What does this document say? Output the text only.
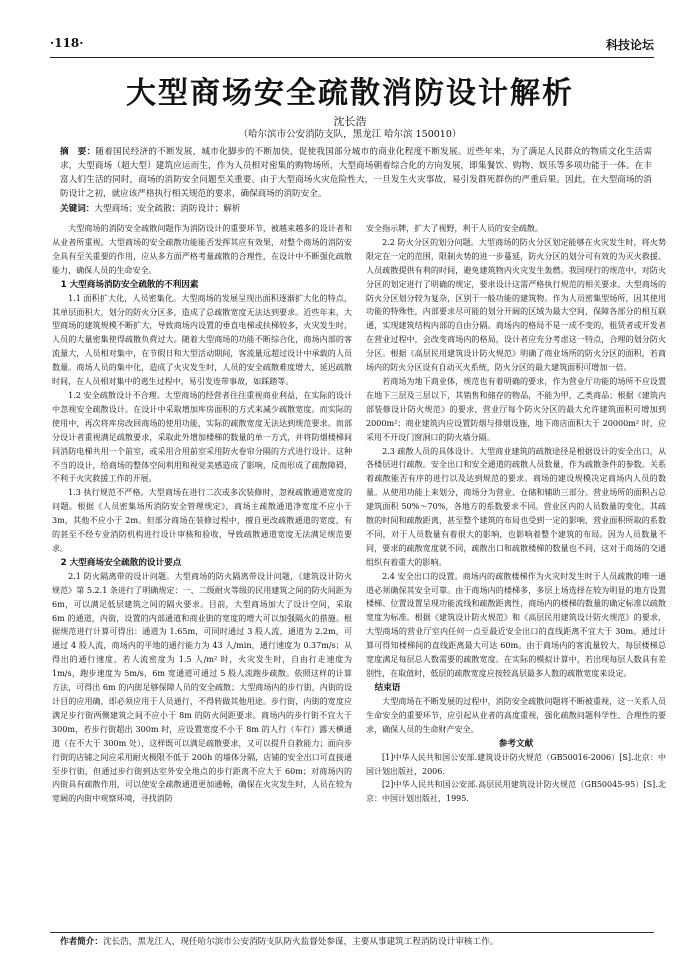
·118·	科技论坛
大型商场安全疏散消防设计解析
沈长浩
（哈尔滨市公安消防支队，黑龙江 哈尔滨 150010）
摘　要：随着国民经济的不断发展，城市化脚步的不断加快，促使我国部分城市的商业化程度不断发展。近些年来，为了满足人民群众的物质文化生活需求，大型商场（超大型）建筑应运而生，作为人员相对密集的购物场所，大型商场朝着综合化的方向发展，即集餐饮、购物、娱乐等多项功能于一体。在丰富人们生活的同时，商场的消防安全问题至关重要。由于大型商场火灾危险性大，一旦发生火灾事故，易引发群死群伤的严重后果。因此，在大型商场的消防设计之初，就应该严格执行相关规范的要求，确保商场的消防安全。
关键词：大型商场；安全疏散；消防设计；解析

大型商场的消防安全疏散问题作为消防设计的重要环节，被越来越多的设计者和从业者所重视。大型商场的安全疏散功能能否发挥其应有效果，对整个商场的消防安全具有至关重要的作用，应从多方面严格考量疏散的合理性，在设计中不断强化疏散能力，确保人员的生命安全。

1 大型商场消防安全疏散的不利因素

1.1 面积扩大化，人员密集化。大型商场的发展呈现出面积逐渐扩大化的特点，其单层面积大，划分的防火分区多，造成了总疏散宽度无法达到要求。近些年来，大型商场的建筑规模不断扩大，导致商场内设置的垂直电梯或扶梯较多，火灾发生时，人员的大量密集使得疏散负荷过大。随着大型商场的功能不断综合化，商场内部的客流量大，人员相对集中，在节假日和大型活动期间，客流量远超过设计中承载的人员数量。商场人员的集中化，造成了火灾发生时，人员的安全疏散难度增大，延迟疏散时间，在人员相对集中的逃生过程中，易引发连带事故，如踩踏等。

1.2 安全疏散设计不合理。大型商场的经营者往往重视商业利益，在实际的设计中忽视安全疏散设计。在设计中采取增加库房面积的方式来减少疏散宽度。而实际的使用中，再次将库房改回商场的使用功能，实际的疏散宽度无法达到规范要求。而部分设计者重视满足疏散要求，采取此外增加楼梯的数量的单一方式，并将防烟楼梯间同消防电梯共用一个前室，或采用合用前室采用防火卷帘分隔的方式进行设计。这种不当的设计，给商场的整体空间利用和视觉美感造成了影响，反而形成了疏散障碍，不利于火灾救援工作的开展。

1.3 执行规范不严格。大型商场在进行二次或多次装修时，忽视疏散通道宽度的问题。根据《人员密集场所消防安全管理规定》，商场主疏散通道净宽度不应小于 3m，其他不应小于 2m。但部分商场在装修过程中，擅自更改疏散通道的宽度，有的甚至不经专业消防机构进行设计审核和验收，导致疏散通道宽度无法满足规范要求。

2 大型商场安全疏散的设计要点

2.1 防火隔离带的设计问题。大型商场的防火隔离带设计问题，《建筑设计防火规范》第 5.2.1 条进行了明确规定：一、二级耐火等级的民用建筑之间的防火间距为 6m，可以满足低层建筑之间的隔火要求。目前，大型商场加大了设计空间，采取 6m 的通道，内街，设置的内部通道和商业街的宽度的增大可以加强隔火的措施。根据规范进行计算可得出：通道为 1.65m，可同时通过 3 股人流，通道为 2.2m，可通过 4 股人流，商场内的平地的通行能力为 43 人/min，通行速度为 0.37m/s；从得出的通行速度，若人流密度为 1.5 人/m² 时，火灾发生时，自由行走速度为 1m/s，跑步速度为 5m/s，6m 宽通道可通过 5 股人流跑步疏散。依照这样的计算方法，可得出 6m 的内街足够保障人员的安全疏散；大型商场内的步行街，内街的设计目的应用确，即必须应用于人员通行，不得转做其他用途。步行街，内街的宽度应满足步行街两侧建筑之间不应小于 8m 的防火间距要求。商场内的步行街不宜大于 300m，若步行街超出 300m 时，应设置宽度不小于 8m 的人行（车行）露天横通道（在不大于 300m 处），这样既可以满足疏散要求，又可以提升自救能力；面向步行街的店铺之间应采用耐火极限不低于 200h 的墙体分隔，店铺的安全出口可直接通至步行街，但通过步行街到达室外安全地点的步行距离不应大于 60m；对商场内的内街具有疏散作用，可以使安全疏散通道更加通畅，确保在火灾发生时，人员在较为宽阔的内街中观察环境，寻找消防

安全指示牌，扩大了视野，利于人员的安全疏散。

2.2 防火分区的划分问题。大型商场的防火分区划定能够在火灾发生时，将火势限定在一定的范围，限制火势的进一步蔓延，防火分区的划分可有效的为灭火救援、人员疏散提供有利的时间，避免建筑物内火灾发生轰燃。我国现行的规范中，对防火分区的划定进行了明确的规定，要求设计这需严格执行规范的相关要求。大型商场的防火分区划分较为复杂，区别于一般功能的建筑物。作为人员密集型场所，因其使用功能的特殊性，内部要求尽可能的划分开阔的区域为最大空间，保障各部分的相互联通，实现建筑结构内部的自由分隔。商场内的格局不是一成不变的，租赁者或开发者在营业过程中，会改变商场内的格局，设计者应充分考虑这一特点，合理的划分防火分区。根据《高层民用建筑设计防火规范》明确了商业场所的防火分区的面积，若商场内的防火分区设有自动灭火系统，防火分区的最大建筑面积可增加一倍。

若商场为地下商业体，规范也有着明确的要求，作为营业厅功能的场所不应设置在地下三层及三层以下，其销售和储存的物品，不能为甲，乙类商品；根据《建筑内部装修设计防火规范》的要求，营业厅每个防火分区的最大允许建筑面积可增加到 2000m²；商业建筑内应设置防烟与排烟设施，地下商店面积大于 20000m² 时，应采用不开设门窗洞口的防火墙分隔。

2.3 疏散人员的具体设计。大型商业建筑的疏散途径是根据设计的安全出口，从各楼层进行疏散。安全出口和安全通道的疏散人员数量，作为疏散条件的参数。关系着疏散能否有序的进行以及达到规范的要求。商场的建设规模决定商场内人员的数量。从使用功能上来划分，商场分为营业、仓储和辅助三部分。营业场所的面积占总建筑面积 50%～70%，各地方的系数要求不同。营业区内的人员数量的变化，其疏散的时间和疏散距离，甚至整个建筑的布局也受到一定的影响，营业面积所取的系数不同，对于人员数量有着很大的影响，也影响着整个建筑的布局。因为人员数量不同，要求的疏散宽度就不同，疏散出口和疏散楼梯的数量也不同，这对于商场的交通组织有着重大的影响。

2.4 安全出口的设置。商场内的疏散楼梯作为火灾时发生时于人员疏散的唯一通道必须确保其安全可靠。由于商场内的楼梯多，多层上场选择在较为明显的地方设置楼梯、位置设置呈现功能流线和疏散距离性，商场内的楼梯的数量的确定标准以疏散宽度为标准。根据《建筑设计防火规范》和《高层民用建筑设计防火规范》的要求，大型商场的营业厅室内任何一点至最近安全出口的直线距离不宜大于 30m。通过计算可得知楼梯间的直线距离最大可达 60m。由于商场内的客流量较大，每层楼梯总宽度满足每层总人数需要的疏散宽度。在实际的模拟计算中，若出现每层人数具有差别性，在取值时，低层的疏散宽度应按较高层最多人数的疏散宽度来设定。

结束语

大型商场在不断发展的过程中，消防安全疏散问题将不断被重视，这一关系人员生命安全的重要环节，应引起从业者的高度重视，强化疏散问题科学性、合理性的要求，确保人员的生命财产安全。

参考文献

[1]中华人民共和国公安部.建筑设计防火规范（GB50016-2006）[S].北京：中国计划出版社，2006.

[2]中华人民共和国公安部.高层民用建筑设计防火规范（GB50045-95）[S].北京：中国计划出版社，1995.

作者简介：沈长浩，黑龙江人，现任哈尔滨市公安消防支队防火监督处参谋，主要从事建筑工程消防设计审核工作。
